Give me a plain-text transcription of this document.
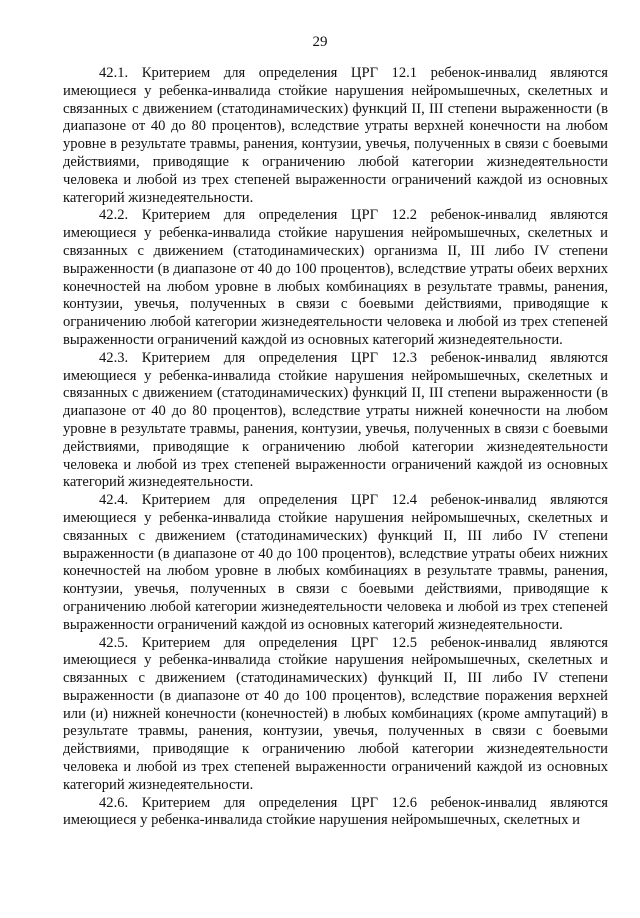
29

42.1. Критерием для определения ЦРГ 12.1 ребенок-инвалид являются имеющиеся у ребенка-инвалида стойкие нарушения нейромышечных, скелетных и связанных с движением (статодинамических) функций II, III степени выраженности (в диапазоне от 40 до 80 процентов), вследствие утраты верхней конечности на любом уровне в результате травмы, ранения, контузии, увечья, полученных в связи с боевыми действиями, приводящие к ограничению любой категории жизнедеятельности человека и любой из трех степеней выраженности ограничений каждой из основных категорий жизнедеятельности.

42.2. Критерием для определения ЦРГ 12.2 ребенок-инвалид являются имеющиеся у ребенка-инвалида стойкие нарушения нейромышечных, скелетных и связанных с движением (статодинамических) организма II, III либо IV степени выраженности (в диапазоне от 40 до 100 процентов), вследствие утраты обеих верхних конечностей на любом уровне в любых комбинациях в результате травмы, ранения, контузии, увечья, полученных в связи с боевыми действиями, приводящие к ограничению любой категории жизнедеятельности человека и любой из трех степеней выраженности ограничений каждой из основных категорий жизнедеятельности.

42.3. Критерием для определения ЦРГ 12.3 ребенок-инвалид являются имеющиеся у ребенка-инвалида стойкие нарушения нейромышечных, скелетных и связанных с движением (статодинамических) функций II, III степени выраженности (в диапазоне от 40 до 80 процентов), вследствие утраты нижней конечности на любом уровне в результате травмы, ранения, контузии, увечья, полученных в связи с боевыми действиями, приводящие к ограничению любой категории жизнедеятельности человека и любой из трех степеней выраженности ограничений каждой из основных категорий жизнедеятельности.

42.4. Критерием для определения ЦРГ 12.4 ребенок-инвалид являются имеющиеся у ребенка-инвалида стойкие нарушения нейромышечных, скелетных и связанных с движением (статодинамических) функций II, III либо IV степени выраженности (в диапазоне от 40 до 100 процентов), вследствие утраты обеих нижних конечностей на любом уровне в любых комбинациях в результате травмы, ранения, контузии, увечья, полученных в связи с боевыми действиями, приводящие к ограничению любой категории жизнедеятельности человека и любой из трех степеней выраженности ограничений каждой из основных категорий жизнедеятельности.

42.5. Критерием для определения ЦРГ 12.5 ребенок-инвалид являются имеющиеся у ребенка-инвалида стойкие нарушения нейромышечных, скелетных и связанных с движением (статодинамических) функций II, III либо IV степени выраженности (в диапазоне от 40 до 100 процентов), вследствие поражения верхней или (и) нижней конечности (конечностей) в любых комбинациях (кроме ампутаций) в результате травмы, ранения, контузии, увечья, полученных в связи с боевыми действиями, приводящие к ограничению любой категории жизнедеятельности человека и любой из трех степеней выраженности ограничений каждой из основных категорий жизнедеятельности.

42.6. Критерием для определения ЦРГ 12.6 ребенок-инвалид являются имеющиеся у ребенка-инвалида стойкие нарушения нейромышечных, скелетных и
